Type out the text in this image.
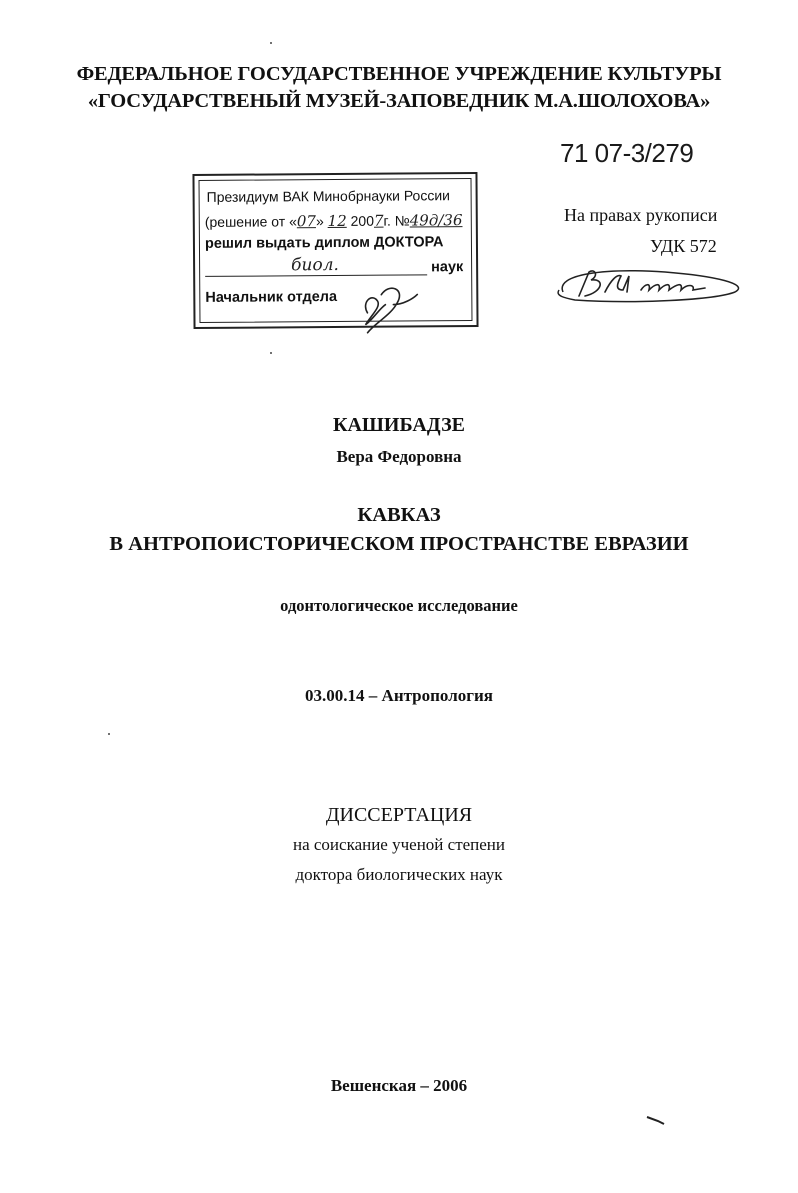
ФЕДЕРАЛЬНОЕ ГОСУДАРСТВЕННОЕ УЧРЕЖДЕНИЕ КУЛЬТУРЫ
«ГОСУДАРСТВЕНЫЙ МУЗЕЙ-ЗАПОВЕДНИК М.А.ШОЛОХОВА»
71 07-3/279
Президиум ВАК Минобрнауки России
(решение от «07» 12 2007г. №49д/36
решил выдать диплом ДОКТОРА
биол.	наук
Начальник отдела
На правах рукописи
УДК 572
КАШИБАДЗЕ
Вера Федоровна
КАВКАЗ
В АНТРОПОИСТОРИЧЕСКОМ ПРОСТРАНСТВЕ ЕВРАЗИИ
одонтологическое исследование
03.00.14 – Антропология
ДИССЕРТАЦИЯ
на соискание ученой степени
доктора биологических наук
Вешенская – 2006
